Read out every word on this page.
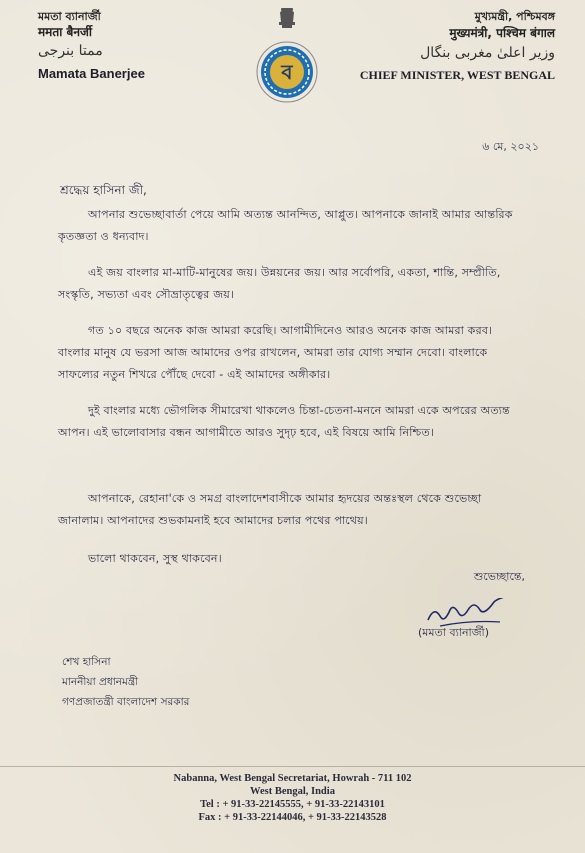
মমতা ব্যানার্জী
ममता बैनर्जी
ممتا بنرجی
Mamata Banerjee	ব
মুখ্যমন্ত্রী, পশ্চিমবঙ্গ
मुख्यमंत्री, पश्चिम बंगाल
وزیر اعلیٰ مغربی بنگال
CHIEF MINISTER, WEST BENGAL
৬ মে, ২০২১
শ্রদ্ধেয় হাসিনা জী,
আপনার শুভেচ্ছাবার্তা পেয়ে আমি অত্যন্ত আনন্দিত, আপ্লুত। আপনাকে জানাই আমার আন্তরিক কৃতজ্ঞতা ও ধন্যবাদ।
এই জয় বাংলার মা-মাটি-মানুষের জয়। উন্নয়নের জয়। আর সর্বোপরি, একতা, শান্তি, সম্প্রীতি, সংস্কৃতি, সভ্যতা এবং সৌভ্রাতৃত্বের জয়।
গত ১০ বছরে অনেক কাজ আমরা করেছি। আগামীদিনেও আরও অনেক কাজ আমরা করব। বাংলার মানুষ যে ভরসা আজ আমাদের ওপর রাখলেন, আমরা তার যোগ্য সম্মান দেবো। বাংলাকে সাফল্যের নতুন শিখরে পৌঁছে দেবো - এই আমাদের অঙ্গীকার।
দুই বাংলার মধ্যে ভৌগলিক সীমারেখা থাকলেও চিন্তা-চেতনা-মননে আমরা একে অপরের অত্যন্ত আপন। এই ভালোবাসার বন্ধন আগামীতে আরও সুদৃঢ় হবে, এই বিষয়ে আমি নিশ্চিত।
আপনাকে, রেহানা'কে ও সমগ্র বাংলাদেশবাসীকে আমার হৃদয়ের অন্তঃস্থল থেকে শুভেচ্ছা জানালাম। আপনাদের শুভকামনাই হবে আমাদের চলার পথের পাথেয়।
ভালো থাকবেন, সুস্থ থাকবেন।
শুভেচ্ছান্তে,
(মমতা ব্যানার্জী)
শেখ হাসিনা
মাননীয়া প্রধানমন্ত্রী
গণপ্রজাতন্ত্রী বাংলাদেশ সরকার
Nabanna, West Bengal Secretariat, Howrah - 711 102
West Bengal, India
Tel : + 91-33-22145555, + 91-33-22143101
Fax : + 91-33-22144046, + 91-33-22143528
